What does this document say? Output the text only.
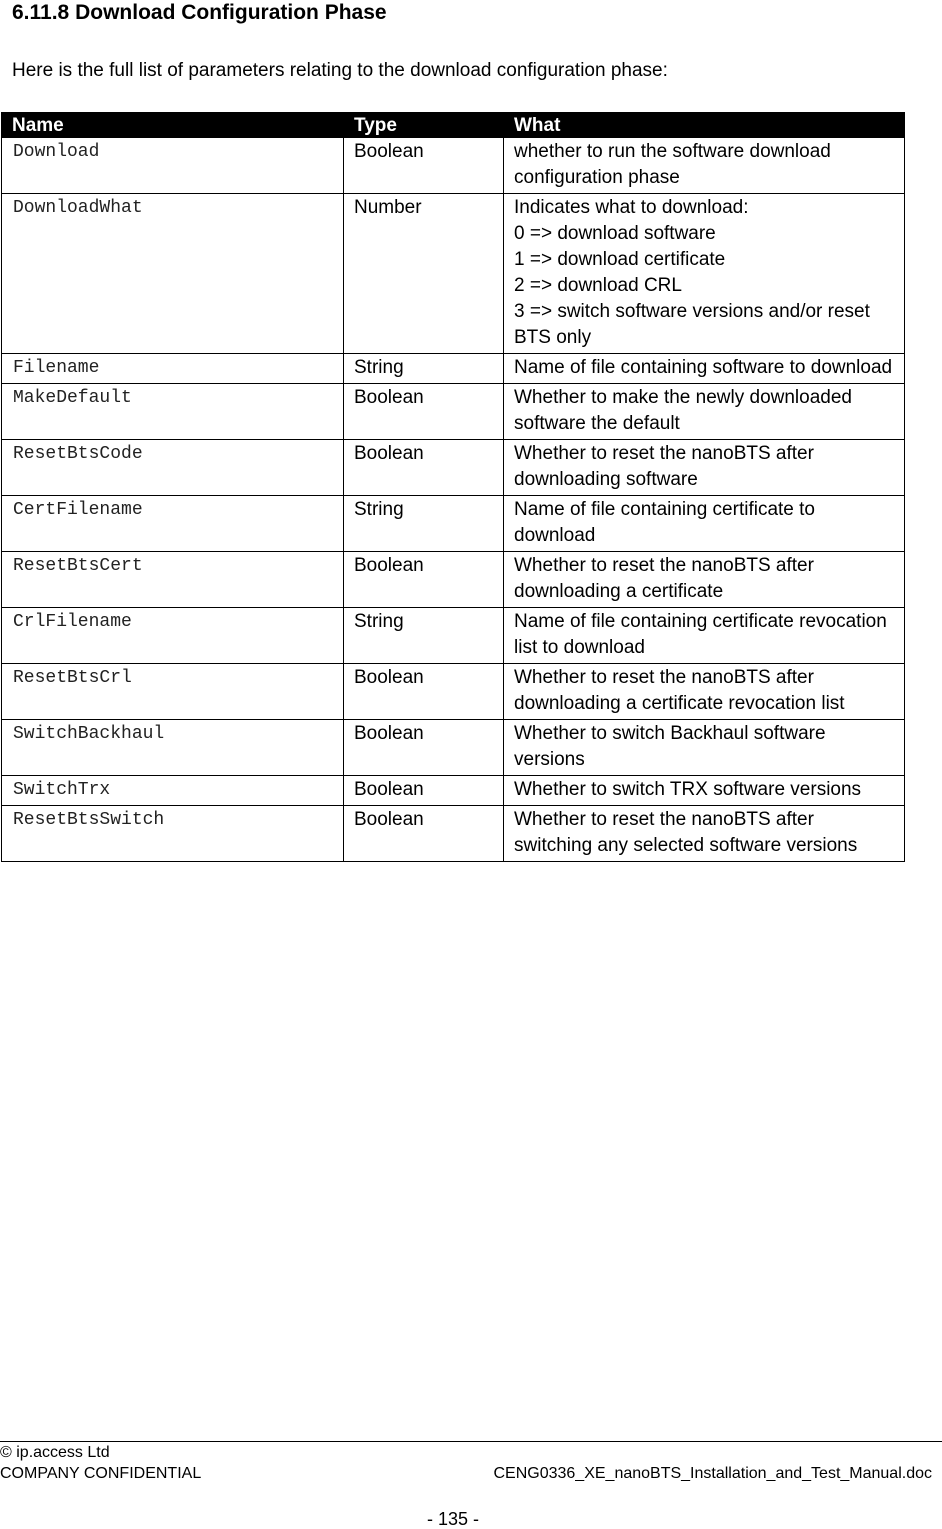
6.11.8 Download Configuration Phase

Here is the full list of parameters relating to the download configuration phase:

Name	Type	What
Download	Boolean	whether to run the software download configuration phase
DownloadWhat	Number	Indicates what to download:
0 => download software
1 => download certificate
2 => download CRL
3 => switch software versions and/or reset BTS only
Filename	String	Name of file containing software to download
MakeDefault	Boolean	Whether to make the newly downloaded software the default
ResetBtsCode	Boolean	Whether to reset the nanoBTS after downloading software
CertFilename	String	Name of file containing certificate to download
ResetBtsCert	Boolean	Whether to reset the nanoBTS after downloading a certificate
CrlFilename	String	Name of file containing certificate revocation list to download
ResetBtsCrl	Boolean	Whether to reset the nanoBTS after downloading a certificate revocation list
SwitchBackhaul	Boolean	Whether to switch Backhaul software versions
SwitchTrx	Boolean	Whether to switch TRX software versions
ResetBtsSwitch	Boolean	Whether to reset the nanoBTS after switching any selected software versions
© ip.access Ltd
COMPANY CONFIDENTIAL	CENG0336_XE_nanoBTS_Installation_and_Test_Manual.doc
- 135 -
